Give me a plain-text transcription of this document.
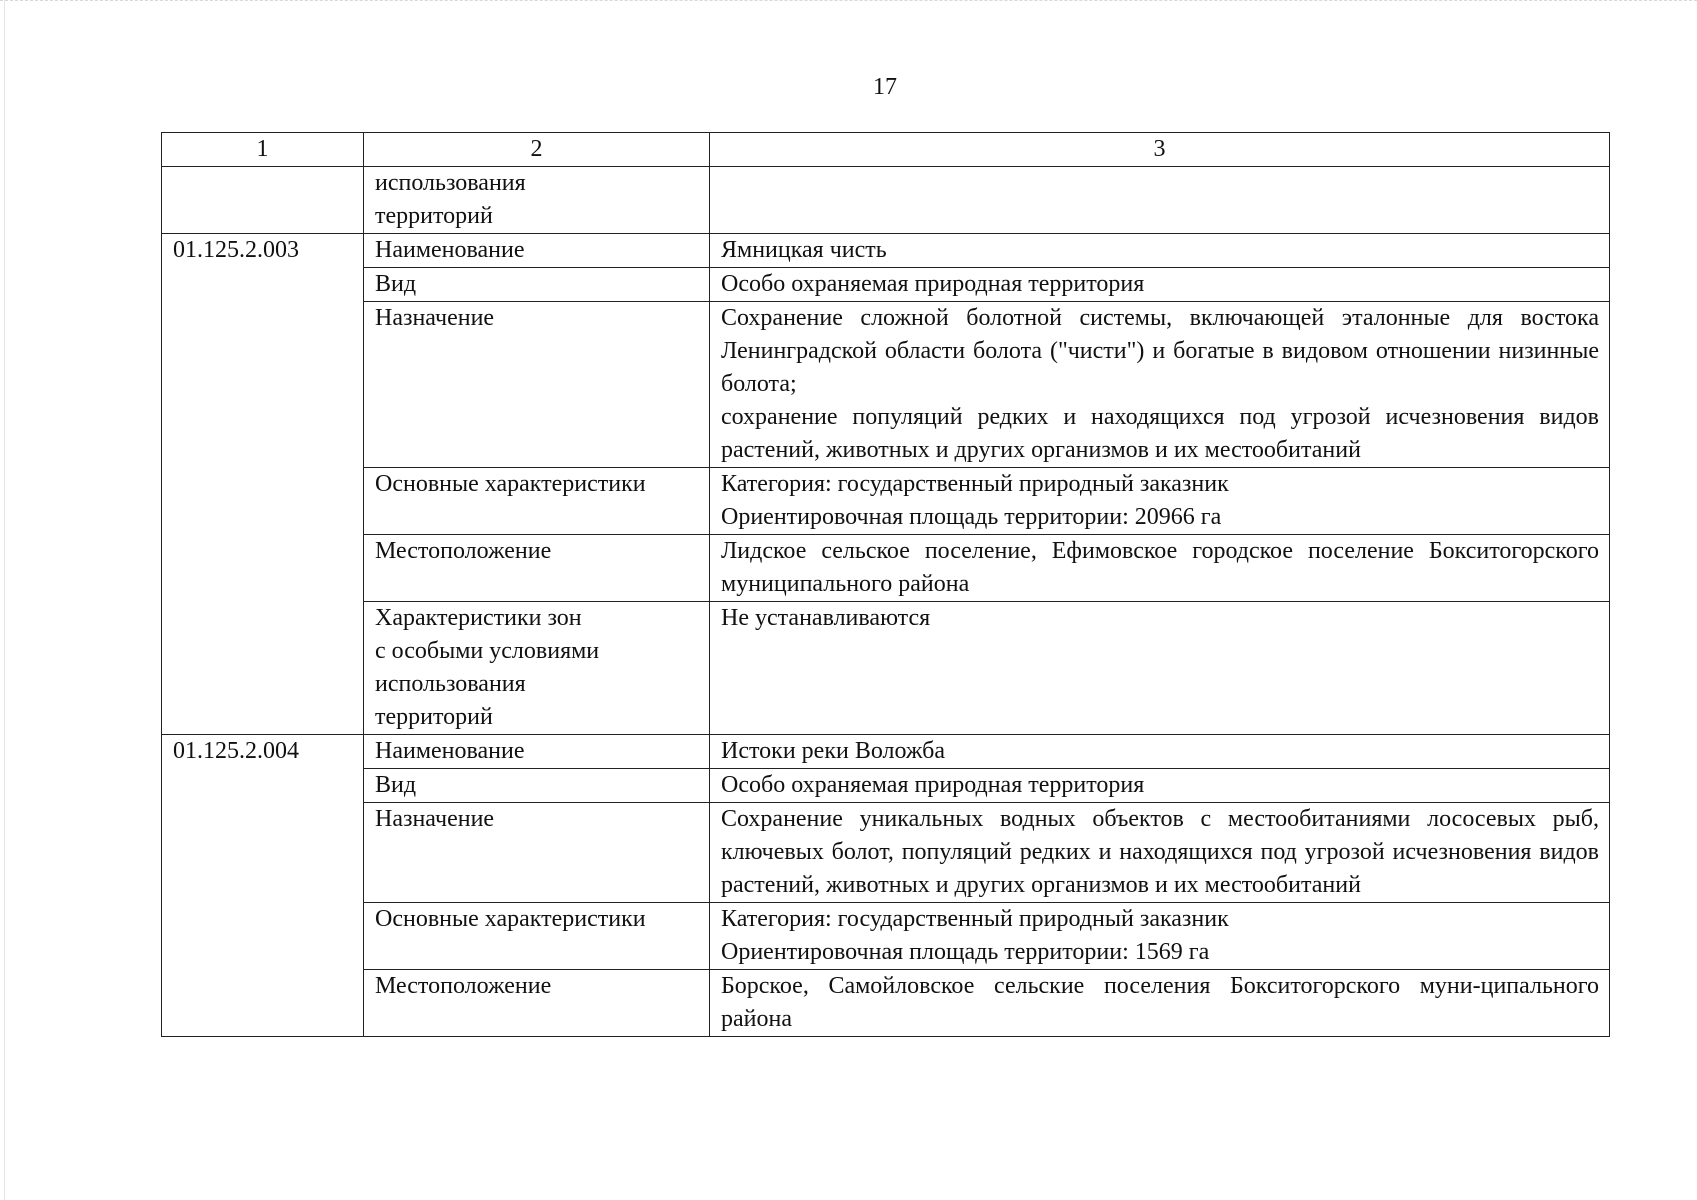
17
1	2	3

	использования
территорий	

01.125.2.003	Наименование	Ямницкая чисть

	Вид	Особо охраняемая природная территория

	Назначение	Сохранение сложной болотной системы, включающей эталонные для востока Ленинградской области болота ("чисти") и богатые в видовом отношении низинные болота;
сохранение популяций редких и находящихся под угрозой исчезновения видов растений, животных и других организмов и их местообитаний

	Основные характеристики	Категория: государственный природный заказник
Ориентировочная площадь территории: 20966 га

	Местоположение	Лидское сельское поселение, Ефимовское городское поселение Бокситогорского муниципального района

	Характеристики зон
с особыми условиями
использования
территорий	Не устанавливаются

01.125.2.004	Наименование	Истоки реки Воложба

	Вид	Особо охраняемая природная территория

	Назначение	Сохранение уникальных водных объектов с местообитаниями лососевых рыб, ключевых болот, популяций редких и находящихся под угрозой исчезновения видов растений, животных и других организмов и их местообитаний

	Основные характеристики	Категория: государственный природный заказник
Ориентировочная площадь территории: 1569 га

	Местоположение	Борское, Самойловское сельские поселения Бокситогорского муни-ципального района
